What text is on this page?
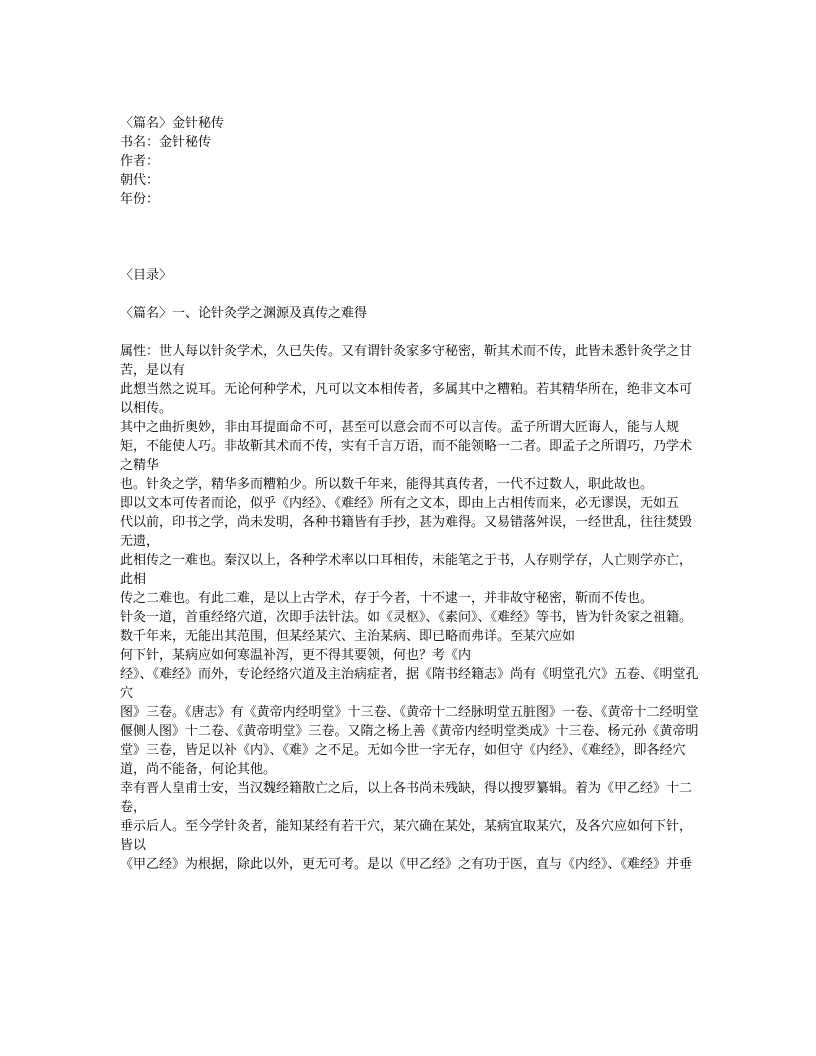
〈篇名〉金针秘传
书名：金针秘传
作者：
朝代：
年份：
〈目录〉
〈篇名〉一、论针灸学之渊源及真传之难得
属性：世人每以针灸学术，久已失传。又有谓针灸家多守秘密，靳其术而不传，此皆未悉针灸学之甘苦，是以有
此想当然之说耳。无论何种学术，凡可以文本相传者，多属其中之糟粕。若其精华所在，绝非文本可以相传。
其中之曲折奥妙，非由耳提面命不可，甚至可以意会而不可以言传。孟子所谓大匠诲人，能与人规
矩，不能使人巧。非故靳其术而不传，实有千言万语，而不能领略一二者。即孟子之所谓巧，乃学术之精华
也。针灸之学，精华多而糟粕少。所以数千年来，能得其真传者，一代不过数人，职此故也。
即以文本可传者而论，似乎《内经》、《难经》所有之文本，即由上古相传而来，必无谬误，无如五
代以前，印书之学，尚未发明，各种书籍皆有手抄，甚为难得。又易错落舛误，一经世乱，往往焚毁无遗，
此相传之一难也。秦汉以上，各种学术率以口耳相传，未能笔之于书，人存则学存，人亡则学亦亡，此相
传之二难也。有此二难，是以上古学术，存于今者，十不逮一，并非故守秘密，靳而不传也。
针灸一道，首重经络穴道，次即手法针法。如《灵枢》、《素问》、《难经》等书，皆为针灸家之祖籍。数千年来，无能出其范围，但某经某穴、主治某病、即已略而弗详。至某穴应如
何下针，某病应如何寒温补泻，更不得其要领，何也？考《内
经》、《难经》而外，专论经络穴道及主治病症者，据《隋书经籍志》尚有《明堂孔穴》五卷、《明堂孔穴
图》三卷。《唐志》有《黄帝内经明堂》十三卷、《黄帝十二经脉明堂五脏图》一卷、《黄帝十二经明堂
偃侧人图》十二卷、《黄帝明堂》三卷。又隋之杨上善《黄帝内经明堂类成》十三卷、杨元孙《黄帝明
堂》三卷，皆足以补《内》、《难》之不足。无如今世一字无存，如但守《内经》、《难经》，即各经穴
道，尚不能备，何论其他。
幸有晋人皇甫士安，当汉魏经籍散亡之后，以上各书尚未残缺，得以搜罗纂辑。着为《甲乙经》十二卷，
垂示后人。至今学针灸者，能知某经有若干穴，某穴确在某处，某病宜取某穴，及各穴应如何下针，皆以
《甲乙经》为根据，除此以外，更无可考。是以《甲乙经》之有功于医，直与《内经》、《难经》并垂
